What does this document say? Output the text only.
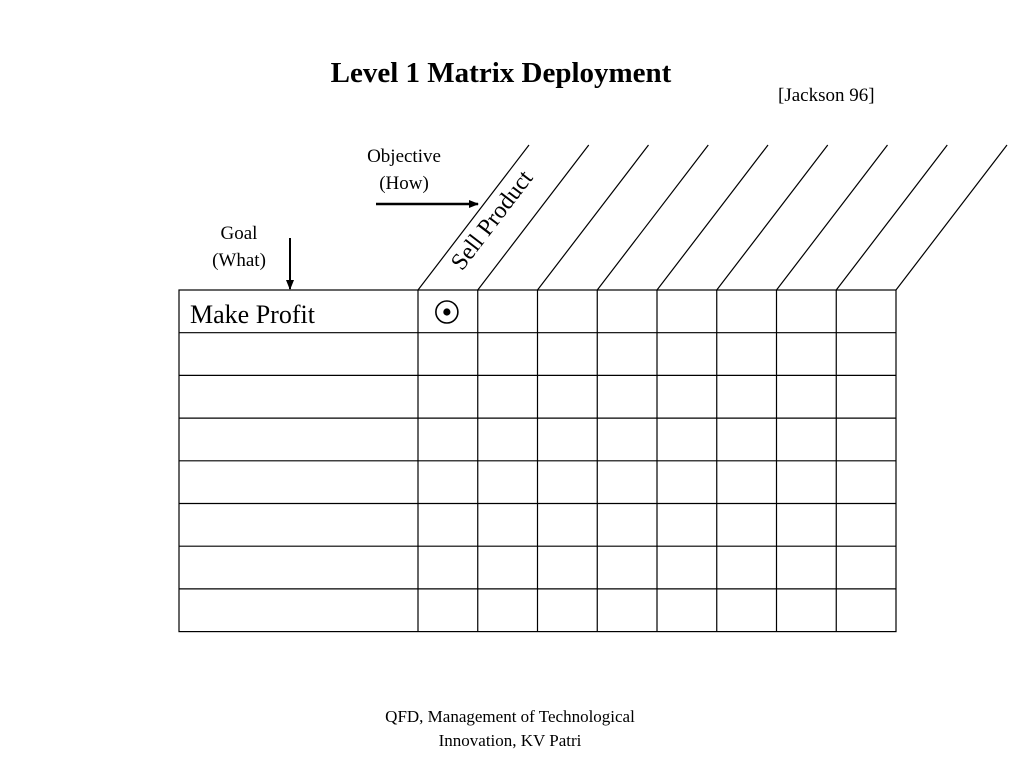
Level 1 Matrix Deployment
[Jackson 96]
Objective
(How)
Goal
(What)
Make Profit
Sell Product
QFD, Management of Technological
Innovation, KV Patri
